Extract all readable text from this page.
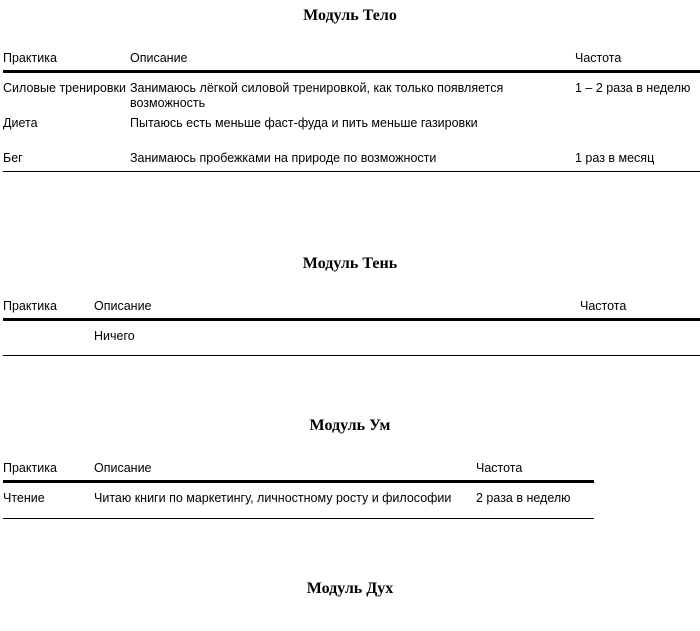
Модуль Тело
Практика	Описание	Частота
Силовые тренировки	Занимаюсь лёгкой силовой тренировкой, как только появляется возможность	1 – 2 раза в неделю
Диета	Пытаюсь есть меньше фаст-фуда и пить меньше газировки	
Бег	Занимаюсь пробежками на природе по возможности	1 раз в месяц
Модуль Тень
Практика	Описание	Частота
	Ничего	
Модуль Ум
Практика	Описание	Частота
Чтение	Читаю книги по маркетингу, личностному росту и философии	2 раза в неделю
Модуль Дух
